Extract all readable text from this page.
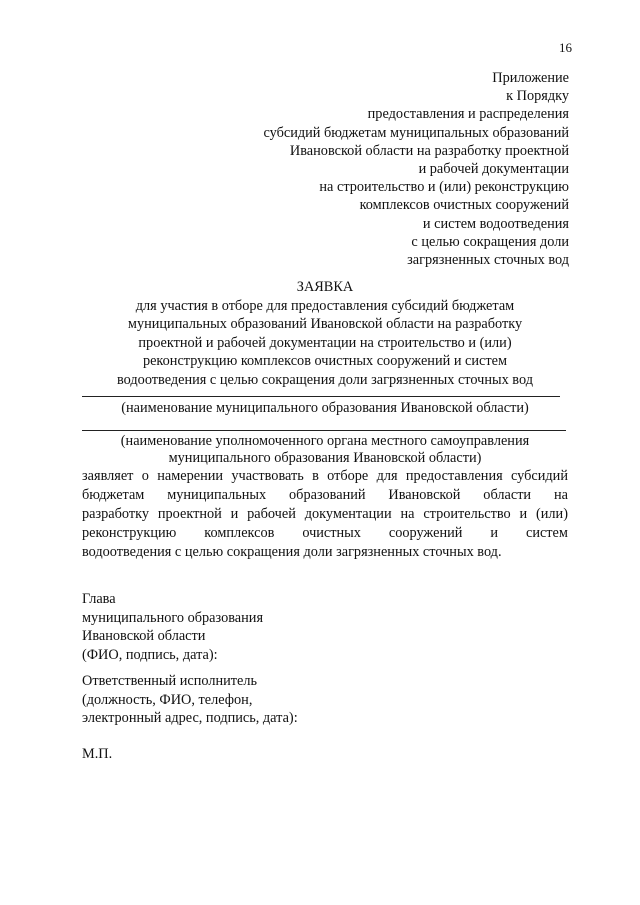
16
Приложение
к Порядку
предоставления и распределения
субсидий бюджетам муниципальных образований
Ивановской области на разработку проектной
и рабочей документации
на строительство и (или) реконструкцию
комплексов очистных сооружений
и систем водоотведения
с целью сокращения доли
загрязненных сточных вод
ЗАЯВКА
для участия в отборе для предоставления субсидий бюджетам
муниципальных образований Ивановской области на разработку
проектной и рабочей документации на строительство и (или)
реконструкцию комплексов очистных сооружений и систем
водоотведения с целью сокращения доли загрязненных сточных вод
(наименование муниципального образования Ивановской области)
(наименование уполномоченного органа местного самоуправления
муниципального образования Ивановской области)
заявляет о намерении участвовать в отборе для предоставления субсидий
бюджетам муниципальных образований Ивановской области на
разработку проектной и рабочей документации на строительство и (или)
реконструкцию комплексов очистных сооружений и систем
водоотведения с целью сокращения доли загрязненных сточных вод.
Глава
муниципального образования
Ивановской области
(ФИО, подпись, дата):
Ответственный исполнитель
(должность, ФИО, телефон,
электронный адрес, подпись, дата):
М.П.
